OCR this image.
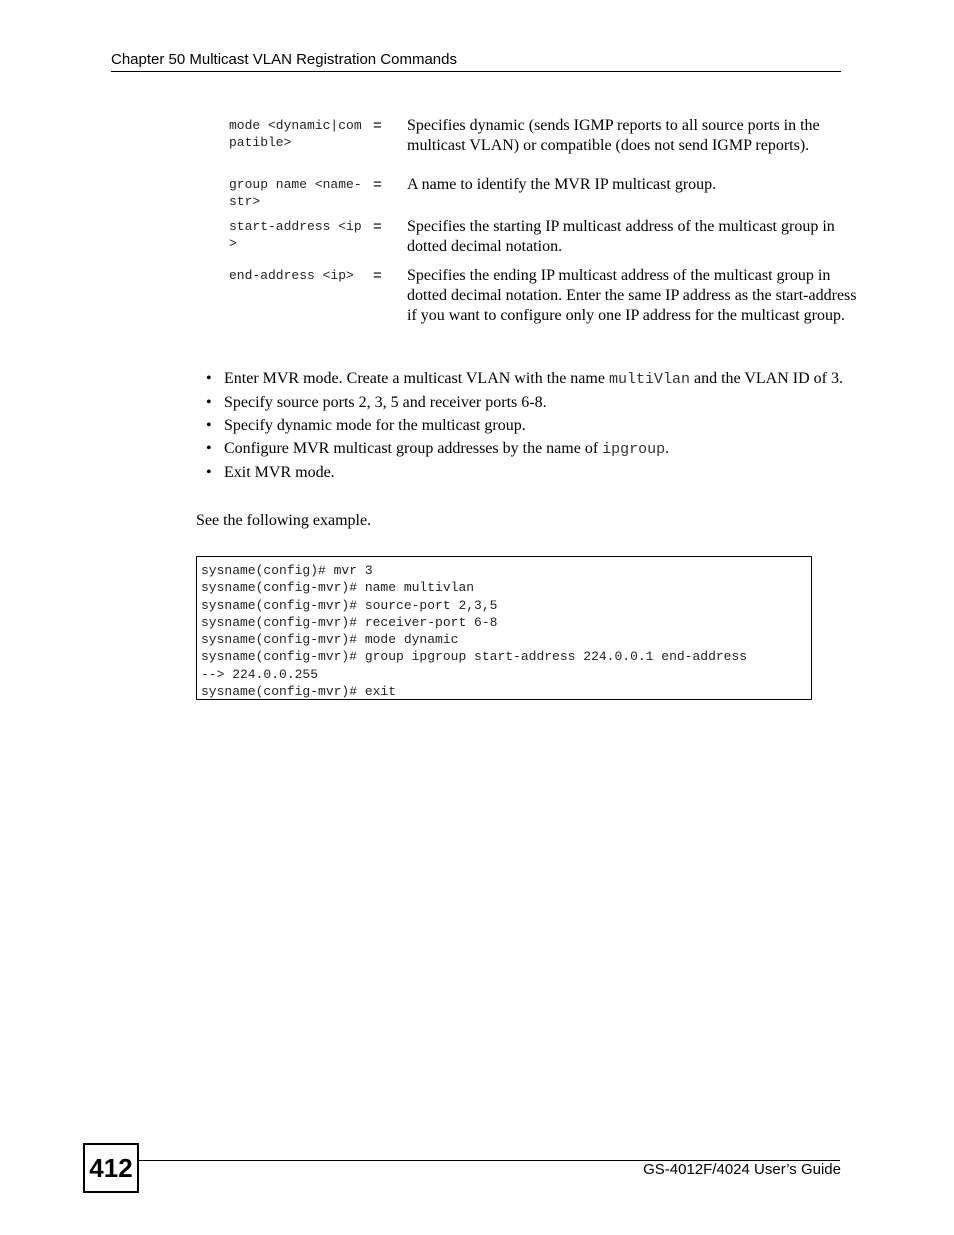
Chapter 50 Multicast VLAN Registration Commands
mode <dynamic|compatible>
= Specifies dynamic (sends IGMP reports to all source ports in the multicast VLAN) or compatible (does not send IGMP reports).
group name <name-str>
= A name to identify the MVR IP multicast group.
start-address <ip>
= Specifies the starting IP multicast address of the multicast group in dotted decimal notation.
end-address <ip>	= Specifies the ending IP multicast address of the multicast group in dotted decimal notation. Enter the same IP address as the start-address if you want to configure only one IP address for the multicast group.
• Enter MVR mode. Create a multicast VLAN with the name multiVlan and the VLAN ID of 3.
• Specify source ports 2, 3, 5 and receiver ports 6-8.
• Specify dynamic mode for the multicast group.
• Configure MVR multicast group addresses by the name of ipgroup.
• Exit MVR mode.
See the following example.
sysname(config)# mvr 3
sysname(config-mvr)# name multivlan
sysname(config-mvr)# source-port 2,3,5
sysname(config-mvr)# receiver-port 6-8
sysname(config-mvr)# mode dynamic
sysname(config-mvr)# group ipgroup start-address 224.0.0.1 end-address
--> 224.0.0.255
sysname(config-mvr)# exit
412	GS-4012F/4024 User’s Guide
